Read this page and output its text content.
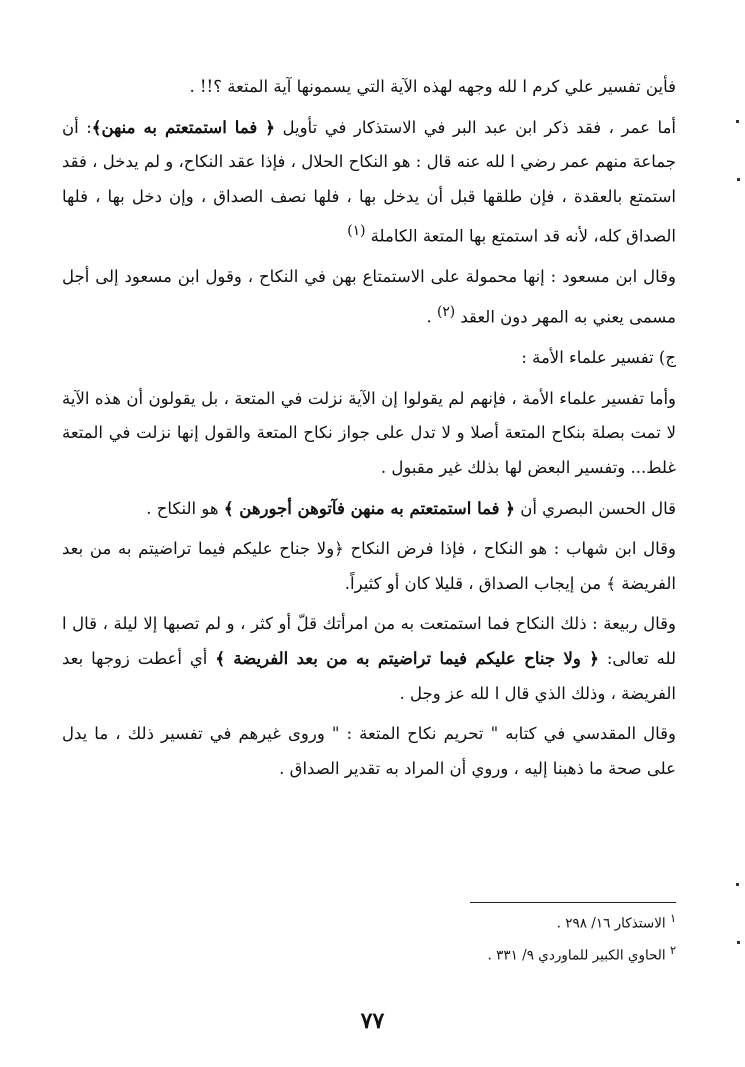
فأين تفسير علي كرم ا لله وجهه لهذه الآية التي يسمونها آية المتعة ؟!! .

أما عمر ، فقد ذكر ابن عبد البر في الاستذكار في تأويل ﴿ فما استمتعتم به منهن﴾: أن جماعة منهم عمر رضي ا لله عنه قال : هو النكاح الحلال ، فإذا عقد النكاح، و لم يدخل ، فقد استمتع بالعقدة ، فإن طلقها قبل أن يدخل بها ، فلها نصف الصداق ، وإن دخل بها ، فلها الصداق كله، لأنه قد استمتع بها المتعة الكاملة $^{(١)}$

وقال ابن مسعود : إنها محمولة على الاستمتاع بهن في النكاح ، وقول ابن مسعود إلى أجل مسمى يعني به المهر دون العقد $^{(٢)}$ .

ج) تفسير علماء الأمة :

وأما تفسير علماء الأمة ، فإنهم لم يقولوا إن الآية نزلت في المتعة ، بل يقولون أن هذه الآية لا تمت بصلة بنكاح المتعة أصلا و لا تدل على جواز نكاح المتعة والقول إنها نزلت في المتعة غلط... وتفسير البعض لها بذلك غير مقبول .

قال الحسن البصري أن ﴿ فما استمتعتم به منهن فآتوهن أجورهن ﴾ هو النكاح .

وقال ابن شهاب : هو النكاح ، فإذا فرض النكاح ﴿ولا جناح عليكم فيما تراضيتم به من بعد الفريضة ﴾ من إيجاب الصداق ، قليلا كان أو كثيراً.

وقال ربيعة : ذلك النكاح فما استمتعت به من امرأتك قلّ أو كثر ، و لم تصبها إلا ليلة ، قال ا لله تعالى: ﴿ ولا جناح عليكم فيما تراضيتم به من بعد الفريضة ﴾ أي أعطت زوجها بعد الفريضة ، وذلك الذي قال ا لله عز وجل .

وقال المقدسي في كتابه " تحريم نكاح المتعة : " وروى غيرهم في تفسير ذلك ، ما يدل على صحة ما ذهبنا إليه ، وروي أن المراد به تقدير الصداق .

$^١$ الاستذكار ١٦/ ٢٩٨ .
$^٢$ الحاوي الكبير للماوردي ٩/ ٣٣١ .
٧٧
